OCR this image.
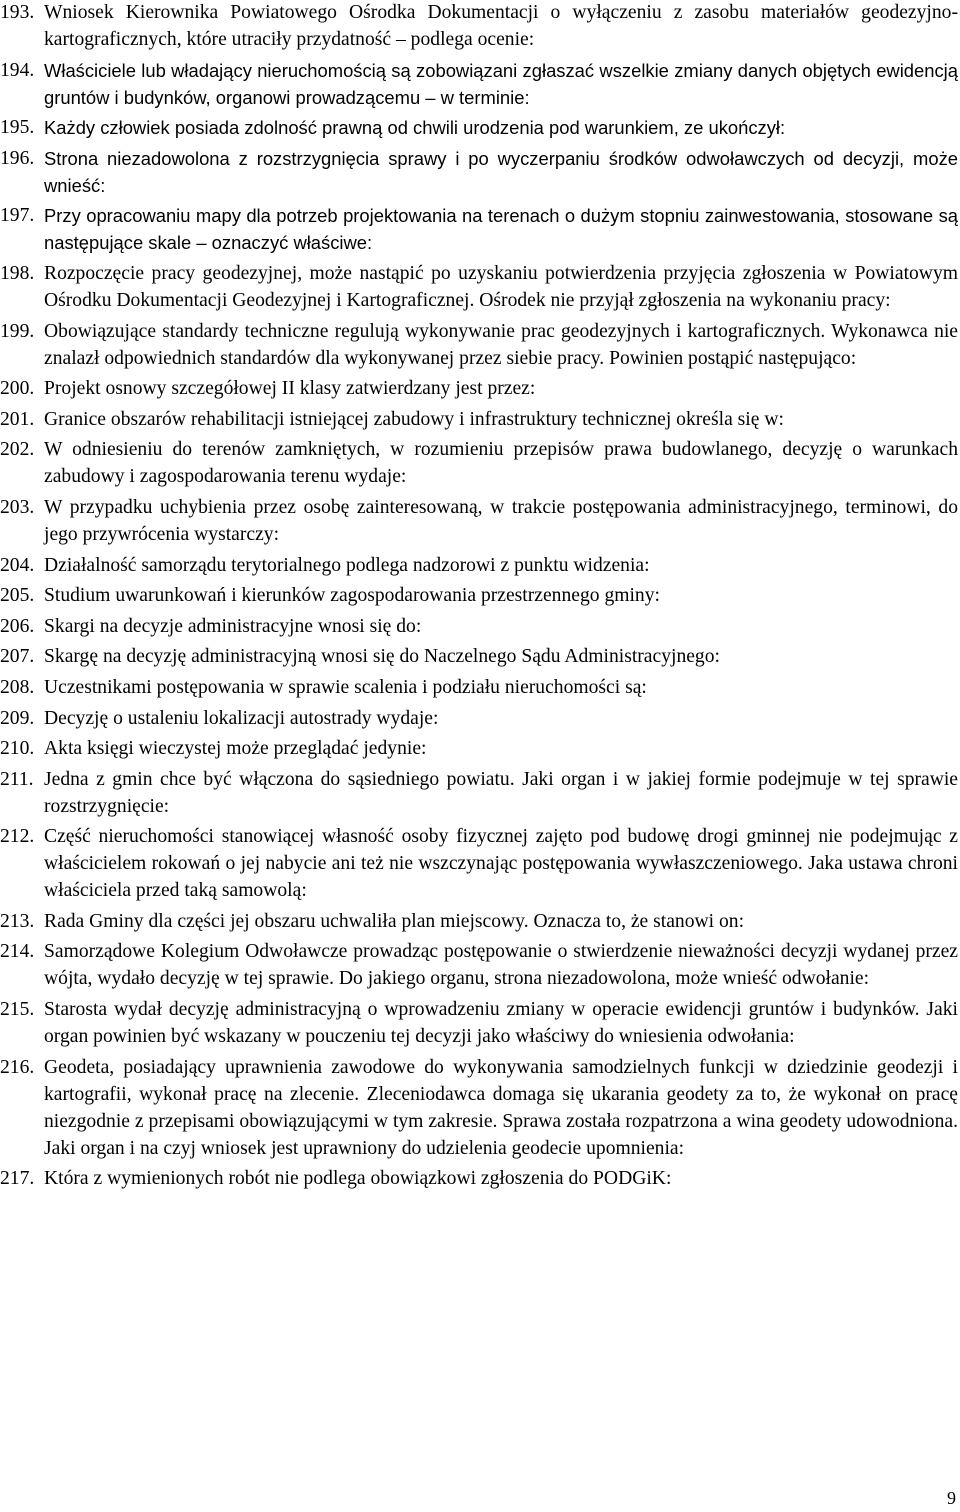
193. Wniosek Kierownika Powiatowego Ośrodka Dokumentacji o wyłączeniu z zasobu materiałów geodezyjno-kartograficznych, które utraciły przydatność – podlega ocenie:
194. Właściciele lub władający nieruchomością są zobowiązani zgłaszać wszelkie zmiany danych objętych ewidencją gruntów i budynków, organowi prowadzącemu – w terminie:
195. Każdy człowiek posiada zdolność prawną od chwili urodzenia pod warunkiem, ze ukończył:
196. Strona niezadowolona z rozstrzygnięcia sprawy i po wyczerpaniu środków odwoławczych od decyzji, może wnieść:
197. Przy opracowaniu mapy dla potrzeb projektowania na terenach o dużym stopniu zainwestowania, stosowane są następujące skale – oznaczyć właściwe:
198. Rozpoczęcie pracy geodezyjnej, może nastąpić po uzyskaniu potwierdzenia przyjęcia zgłoszenia w Powiatowym Ośrodku Dokumentacji Geodezyjnej i Kartograficznej. Ośrodek nie przyjął zgłoszenia na wykonaniu pracy:
199. Obowiązujące standardy techniczne regulują wykonywanie prac geodezyjnych i kartograficznych. Wykonawca nie znalazł odpowiednich standardów dla wykonywanej przez siebie pracy. Powinien postąpić następująco:
200. Projekt osnowy szczegółowej II klasy zatwierdzany jest przez:
201. Granice obszarów rehabilitacji istniejącej zabudowy i infrastruktury technicznej określa się w:
202. W odniesieniu do terenów zamkniętych, w rozumieniu przepisów prawa budowlanego, decyzję o warunkach zabudowy i zagospodarowania terenu wydaje:
203. W przypadku uchybienia przez osobę zainteresowaną, w trakcie postępowania administracyjnego, terminowi, do jego przywrócenia wystarczy:
204. Działalność samorządu terytorialnego podlega nadzorowi z punktu widzenia:
205. Studium uwarunkowań i kierunków zagospodarowania przestrzennego gminy:
206. Skargi na decyzje administracyjne wnosi się do:
207. Skargę na decyzję administracyjną wnosi się do Naczelnego Sądu Administracyjnego:
208. Uczestnikami postępowania w sprawie scalenia i podziału nieruchomości są:
209. Decyzję o ustaleniu lokalizacji autostrady wydaje:
210. Akta księgi wieczystej może przeglądać jedynie:
211. Jedna z gmin chce być włączona do sąsiedniego powiatu. Jaki organ i w jakiej formie podejmuje w tej sprawie rozstrzygnięcie:
212. Część nieruchomości stanowiącej własność osoby fizycznej zajęto pod budowę drogi gminnej nie podejmując z właścicielem rokowań o jej nabycie ani też nie wszczynając postępowania wywłaszczeniowego. Jaka ustawa chroni właściciela przed taką samowolą:
213. Rada Gminy dla części jej obszaru uchwaliła plan miejscowy. Oznacza to, że stanowi on:
214. Samorządowe Kolegium Odwoławcze prowadząc postępowanie o stwierdzenie nieważności decyzji wydanej przez wójta, wydało decyzję w tej sprawie. Do jakiego organu, strona niezadowolona, może wnieść odwołanie:
215. Starosta wydał decyzję administracyjną o wprowadzeniu zmiany w operacie ewidencji gruntów i budynków. Jaki organ powinien być wskazany w pouczeniu tej decyzji jako właściwy do wniesienia odwołania:
216. Geodeta, posiadający uprawnienia zawodowe do wykonywania samodzielnych funkcji w dziedzinie geodezji i kartografii, wykonał pracę na zlecenie. Zleceniodawca domaga się ukarania geodety za to, że wykonał on pracę niezgodnie z przepisami obowiązującymi w tym zakresie. Sprawa została rozpatrzona a wina geodety udowodniona. Jaki organ i na czyj wniosek jest uprawniony do udzielenia geodecie upomnienia:
217. Która z wymienionych robót nie podlega obowiązkowi zgłoszenia do PODGiK:
9
